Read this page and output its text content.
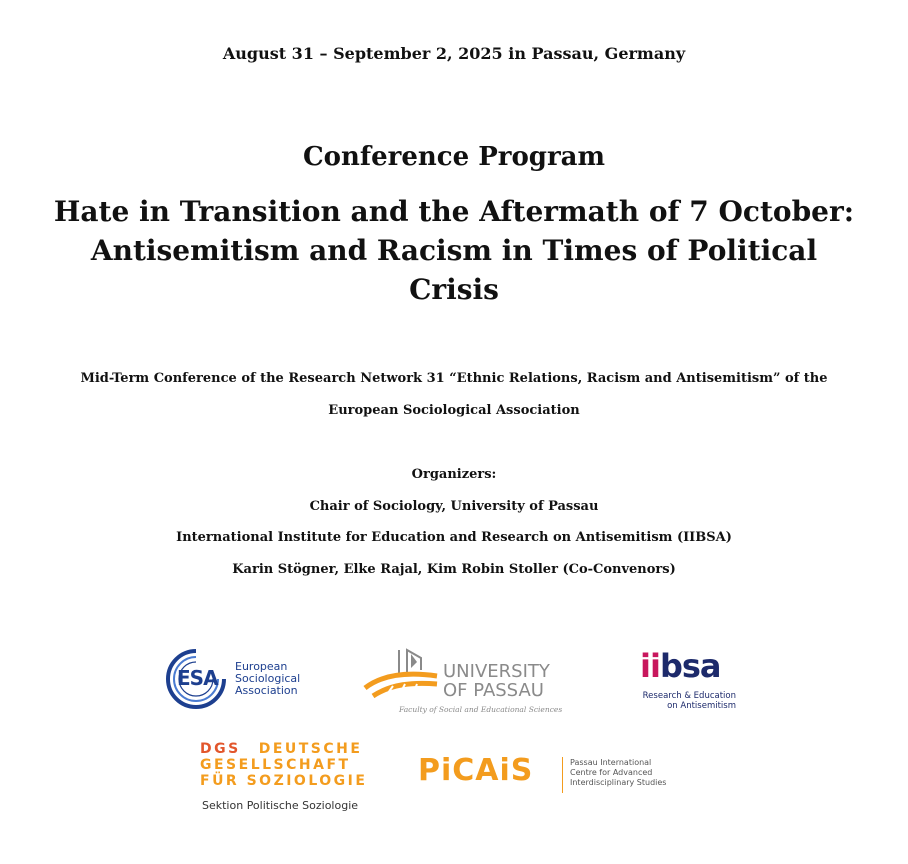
August 31 – September 2, 2025 in Passau, Germany
Conference Program
Hate in Transition and the Aftermath of 7 October:
Antisemitism and Racism in Times of Political
Crisis
Mid-Term Conference of the Research Network 31 “Ethnic Relations, Racism and Antisemitism” of the
European Sociological Association
Organizers:
Chair of Sociology, University of Passau
International Institute for Education and Research on Antisemitism (IIBSA)
Karin Stögner, Elke Rajal, Kim Robin Stoller (Co-Convenors)
ESA European
Sociological
Association
UNIVERSITY
OF PASSAU
Faculty of Social and Educational Sciences
iibsa
Research & Education
on Antisemitism
DGS DEUTSCHE
GESELLSCHAFT
FÜR SOZIOLOGIE
Sektion Politische Soziologie
PiCAiS	Passau International
Centre for Advanced
Interdisciplinary Studies
